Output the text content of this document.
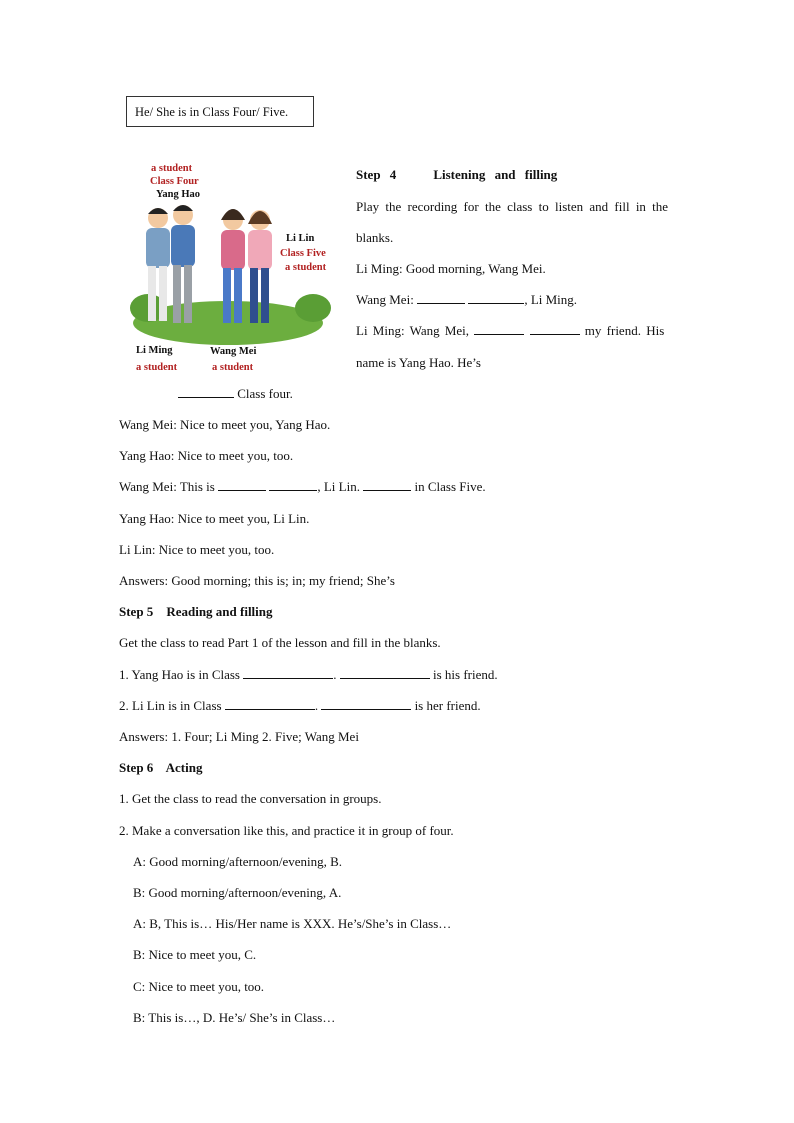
He/ She is in Class Four/ Five.
a student
Class Four
Yang Hao
Li Lin
Class Five
a student
Li Ming
a student
Wang Mei
a student
Step 4	Listening and filling
Play the recording for the class to listen and fill in the
blanks.
Li Ming: Good morning, Wang Mei.
Wang Mei:	, Li Ming.
Li Ming: Wang Mei,	my friend. His
name is Yang Hao. He’s
Class four.
Wang Mei: Nice to meet you, Yang Hao.
Yang Hao: Nice to meet you, too.
Wang Mei: This is	, Li Lin.	in Class Five.
Yang Hao: Nice to meet you, Li Lin.
Li Lin: Nice to meet you, too.
Answers: Good morning; this is; in; my friend; She’s
Step 5 Reading and filling
Get the class to read Part 1 of the lesson and fill in the blanks.
1. Yang Hao is in Class	.	is his friend.
2. Li Lin is in Class	.	is her friend.
Answers: 1. Four; Li Ming 2. Five; Wang Mei
Step 6 Acting
1. Get the class to read the conversation in groups.
2. Make a conversation like this, and practice it in group of four.
A: Good morning/afternoon/evening, B.
B: Good morning/afternoon/evening, A.
A: B, This is… His/Her name is XXX. He’s/She’s in Class…
B: Nice to meet you, C.
C: Nice to meet you, too.
B: This is…, D. He’s/ She’s in Class…
